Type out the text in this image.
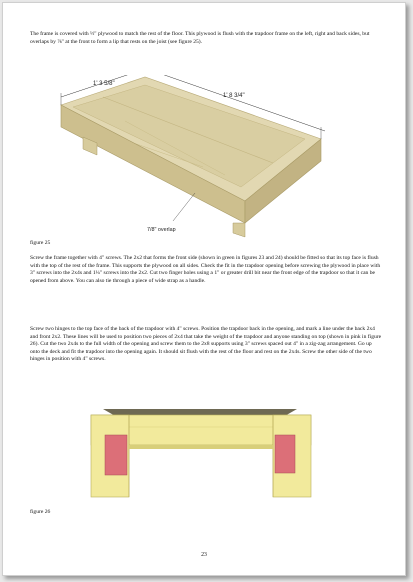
The frame is covered with ½" plywood to match the rest of the floor. This plywood is flush with the trapdoor frame on the left, right and back sides, but overlaps by ⅞" at the front to form a lip that rests on the joist (see figure 25).
1' 3 5/8"
1' 8 3/4"
7/8" overlap
figure 25
Screw the frame together with 4" screws. The 2x2 that forms the front side (shown in green in figures 23 and 24) should be fitted so that its top face is flush with the top of the rest of the frame. This supports the plywood on all sides. Check the fit in the trapdoor opening before screwing the plywood in place with 3" screws into the 2x4s and 1¼" screws into the 2x2. Cut two finger holes using a 1" or greater drill bit near the front edge of the trapdoor so that it can be opened from above. You can also tie through a piece of wide strap as a handle.
Screw two hinges to the top face of the back of the trapdoor with 4" screws. Position the trapdoor back in the opening, and mark a line under the back 2x4 and front 2x2. These lines will be used to position two pieces of 2x4 that take the weight of the trapdoor and anyone standing on top (shown in pink in figure 26). Cut the two 2x4s to the full width of the opening and screw them to the 2x8 supports using 3" screws spaced out 4" in a zig-zag arrangement. Go up onto the deck and fit the trapdoor into the opening again. It should sit flush with the rest of the floor and rest on the 2x4s. Screw the other side of the two hinges in position with 4" screws.
figure 26
23
